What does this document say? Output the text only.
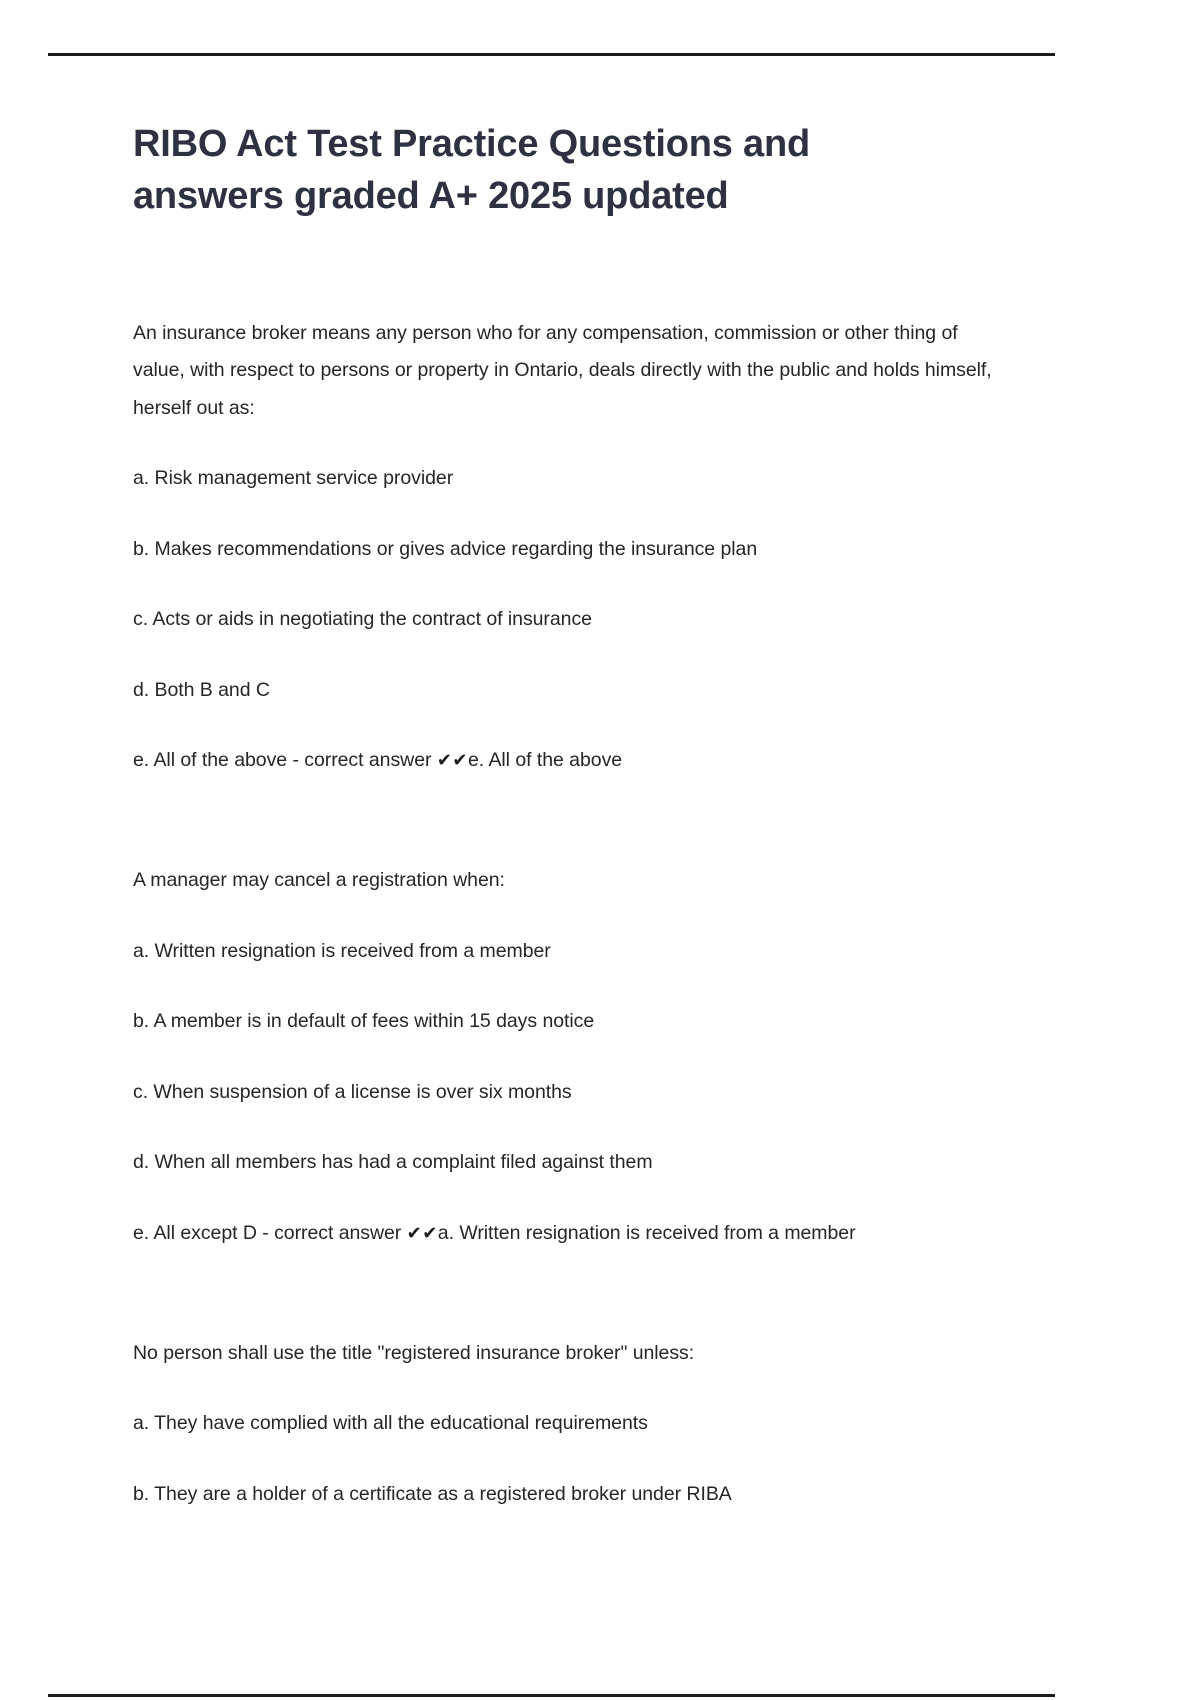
RIBO Act Test Practice Questions and answers graded A+ 2025 updated

An insurance broker means any person who for any compensation, commission or other thing of value, with respect to persons or property in Ontario, deals directly with the public and holds himself, herself out as:

a. Risk management service provider

b. Makes recommendations or gives advice regarding the insurance plan

c. Acts or aids in negotiating the contract of insurance

d. Both B and C

e. All of the above - correct answer ✔✔e. All of the above

A manager may cancel a registration when:

a. Written resignation is received from a member

b. A member is in default of fees within 15 days notice

c. When suspension of a license is over six months

d. When all members has had a complaint filed against them

e. All except D - correct answer ✔✔a. Written resignation is received from a member

No person shall use the title "registered insurance broker" unless:

a. They have complied with all the educational requirements

b. They are a holder of a certificate as a registered broker under RIBA
